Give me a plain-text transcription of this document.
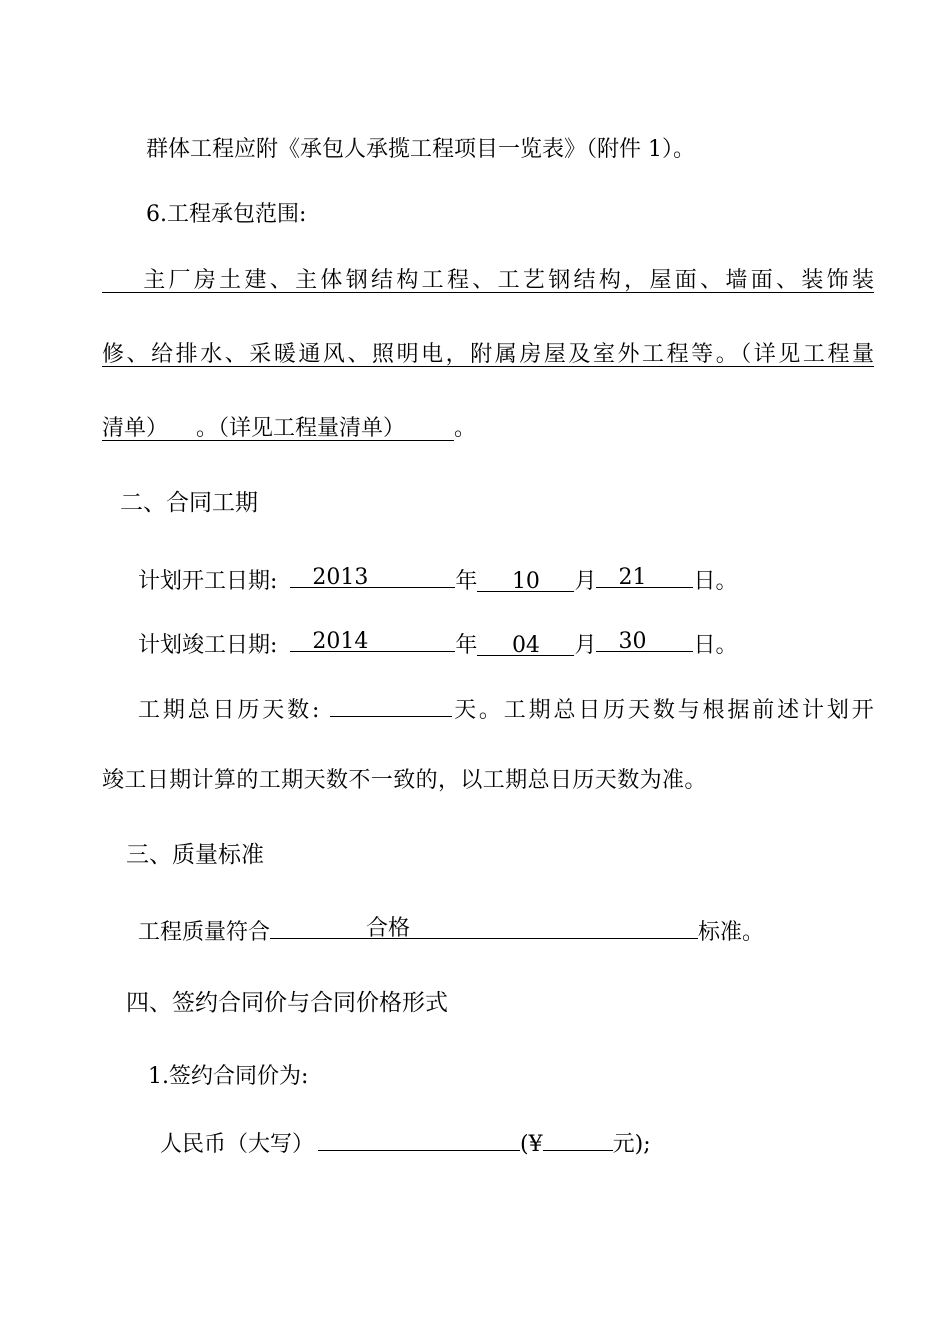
群体工程应附《承包人承揽工程项目一览表》（附件 1）。
6.工程承包范围:
主厂房土建、主体钢结构工程、工艺钢结构，屋面、墙面、装饰装
修、给排水、采暖通风、照明电，附属房屋及室外工程等。（详见工程量
清单）    。（详见工程量清单）       。
二、合同工期
计划开工日期: 2013	年 10 月 21 日。
计划竣工日期: 2014	年 04 月 30 日。
工期总日历天数:	天。工期总日历天数与根据前述计划开
竣工日期计算的工期天数不一致的，以工期总日历天数为准。
三、质量标准
工程质量符合	合格	标准。
四、签约合同价与合同价格形式
1.签约合同价为:
人民币（大写）	(¥	元);
